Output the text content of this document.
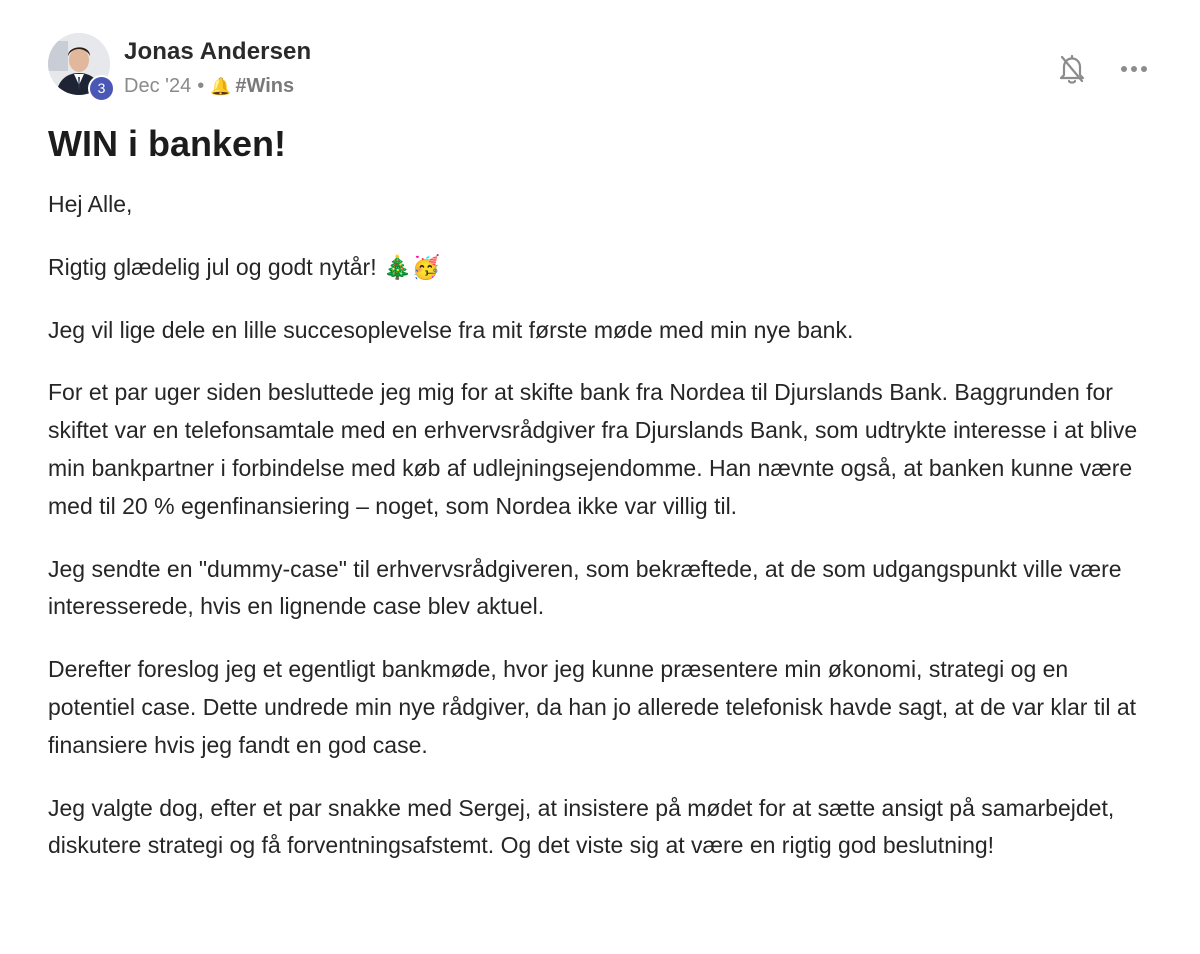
3
Jonas Andersen
Dec '24 • 🔔 #Wins
WIN i banken!

Hej Alle,

Rigtig glædelig jul og godt nytår! 🎄🥳

Jeg vil lige dele en lille succesoplevelse fra mit første møde med min nye bank.

For et par uger siden besluttede jeg mig for at skifte bank fra Nordea til Djurslands Bank. Baggrunden for skiftet var en telefonsamtale med en erhvervsrådgiver fra Djurslands Bank, som udtrykte interesse i at blive min bankpartner i forbindelse med køb af udlejningsejendomme. Han nævnte også, at banken kunne være med til 20 % egenfinansiering – noget, som Nordea ikke var villig til.

Jeg sendte en "dummy-case" til erhvervsrådgiveren, som bekræftede, at de som udgangspunkt ville være interesserede, hvis en lignende case blev aktuel.

Derefter foreslog jeg et egentligt bankmøde, hvor jeg kunne præsentere min økonomi, strategi og en potentiel case. Dette undrede min nye rådgiver, da han jo allerede telefonisk havde sagt, at de var klar til at finansiere hvis jeg fandt en god case.

Jeg valgte dog, efter et par snakke med Sergej, at insistere på mødet for at sætte ansigt på samarbejdet, diskutere strategi og få forventningsafstemt. Og det viste sig at være en rigtig god beslutning!
